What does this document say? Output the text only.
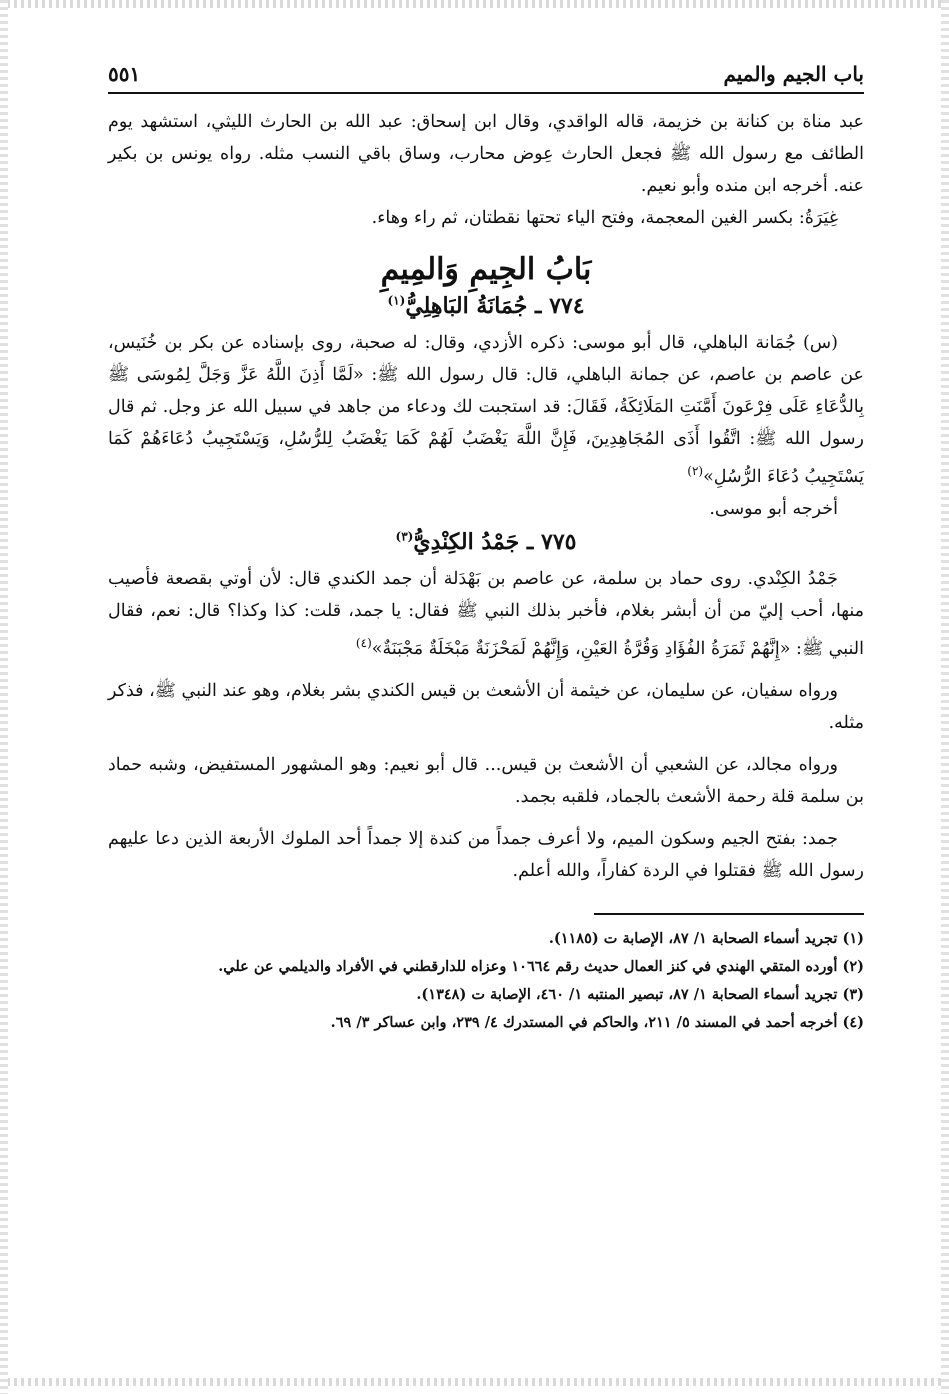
باب الجيم والميم
٥٥١

عبد مناة بن كنانة بن خزيمة، قاله الواقدي، وقال ابن إسحاق: عبد الله بن الحارث الليثي، استشهد يوم الطائف مع رسول الله ﷺ فجعل الحارث عِوض محارب، وساق باقي النسب مثله. رواه يونس بن بكير عنه. أخرجه ابن منده وأبو نعيم.

غِيَرَةُ: بكسر الغين المعجمة، وفتح الياء تحتها نقطتان، ثم راء وهاء.

بَابُ الجِيمِ وَالمِيمِ
٧٧٤ ـ جُمَانَةُ البَاهِلِيُّ$^{(١)}$

(س) جُمَانة الباهلي، قال أبو موسى: ذكره الأزدي، وقال: له صحبة، روى بإسناده عن بكر بن خُنَيس، عن عاصم بن عاصم، عن جمانة الباهلي، قال: قال رسول الله ﷺ: «لَمَّا أَذِنَ اللَّهُ عَزَّ وَجَلَّ لِمُوسَى ﷺ بِالدُّعَاءِ عَلَى فِرْعَونَ أَمَّنَتِ المَلَائِكَةُ، فَقَالَ: قد استجبت لك ودعاء من جاهد في سبيل الله عز وجل. ثم قال رسول الله ﷺ: اتَّقُوا أَذَى المُجَاهِدِينَ، فَإِنَّ اللَّهَ يَغْضَبُ لَهُمْ كَمَا يَغْضَبُ لِلرُّسُلِ، وَيَسْتَجِيبُ دُعَاءَهُمْ كَمَا يَسْتَجِيبُ دُعَاءَ الرُّسُلِ»$^{(٢)}$

أخرجه أبو موسى.

٧٧٥ ـ جَمْدُ الكِنْدِيُّ$^{(٣)}$

جَمْدُ الكِنْدي. روى حماد بن سلمة، عن عاصم بن بَهْدَلة أن جمد الكندي قال: لأن أوتي بقصعة فأصيب منها، أحب إليّ من أن أبشر بغلام، فأخبر بذلك النبي ﷺ فقال: يا جمد، قلت: كذا وكذا؟ قال: نعم، فقال النبي ﷺ: «إِنَّهُمْ ثَمَرَةُ الفُؤَادِ وَقُرَّةُ العَيْنِ، وَإِنَّهُمْ لَمَحْزَنَةٌ مَبْخَلَةٌ مَجْبَنَةٌ»$^{(٤)}$

ورواه سفيان، عن سليمان، عن خيثمة أن الأشعث بن قيس الكندي بشر بغلام، وهو عند النبي ﷺ، فذكر مثله.

ورواه مجالد، عن الشعبي أن الأشعث بن قيس... قال أبو نعيم: وهو المشهور المستفيض، وشبه حماد بن سلمة قلة رحمة الأشعث بالجماد، فلقبه بجمد.

جمد: بفتح الجيم وسكون الميم، ولا أعرف جمداً من كندة إلا جمداً أحد الملوك الأربعة الذين دعا عليهم رسول الله ﷺ فقتلوا في الردة كفاراً، والله أعلم.

(١) تجريد أسماء الصحابة ١/ ٨٧، الإصابة ت (١١٨٥).

(٢) أورده المتقي الهندي في كنز العمال حديث رقم ١٠٦٦٤ وعزاه للدارقطني في الأفراد والديلمي عن علي.

(٣) تجريد أسماء الصحابة ١/ ٨٧، تبصير المنتبه ١/ ٤٦٠، الإصابة ت (١٣٤٨).

(٤) أخرجه أحمد في المسند ٥/ ٢١١، والحاكم في المستدرك ٤/ ٢٣٩، وابن عساكر ٣/ ٦٩.
